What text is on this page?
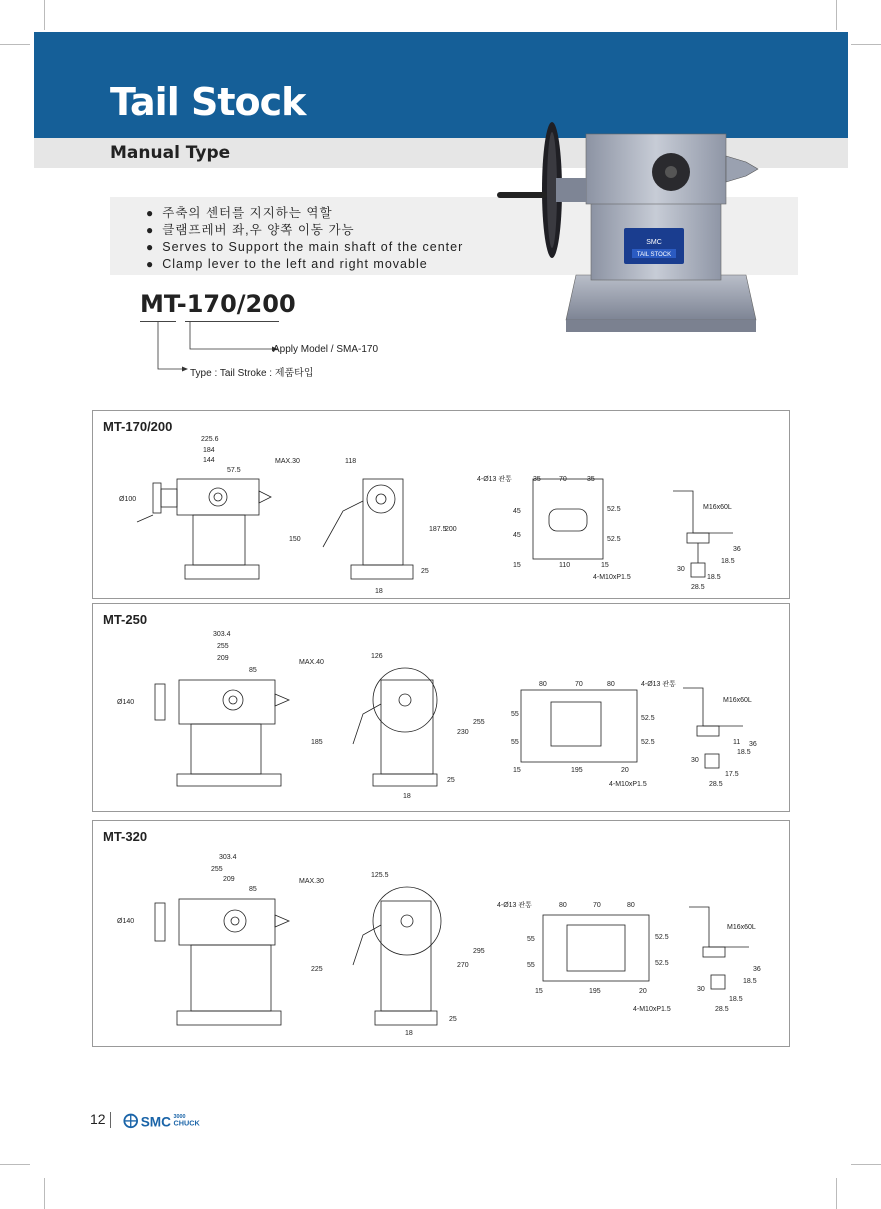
Tail Stock
Manual Type
● 주축의 센터를 지지하는 역할
● 클램프레버 좌,우 양쪽 이동 가능
● Serves to Support the main shaft of the center
● Clamp lever to the left and right movable
SMC
TAIL STOCK
MT-170/200
Apply Model / SMA-170
Type : Tail Stroke : 제품타입
MT-170/200
225.6
184
144
57.5
MAX.30
Ø100
150
118
187.5
200
25
18
4-Ø13 관통	35	70	35
45
45
52.5
52.5
15	110	15
4-M10xP1.5
M16x60L
36
18.5
30
18.5
28.5
MT-250
303.4
255
209
85
MAX.40
Ø140
185
126
230
255
25
18
80	70	80	4-Ø13 관통
55
55
52.5
52.5
15	195	20
4-M10xP1.5
M16x60L
36
18.5
11
30
17.5
28.5
MT-320
303.4
255
209
85
MAX.30
Ø140
225
125.5
270
295
25
18
4-Ø13 관통	80	70	80
55
55
52.5
52.5
15	195	20
4-M10xP1.5
M16x60L
36
18.5
30
18.5
28.5
12 SMC 3000
CHUCK
